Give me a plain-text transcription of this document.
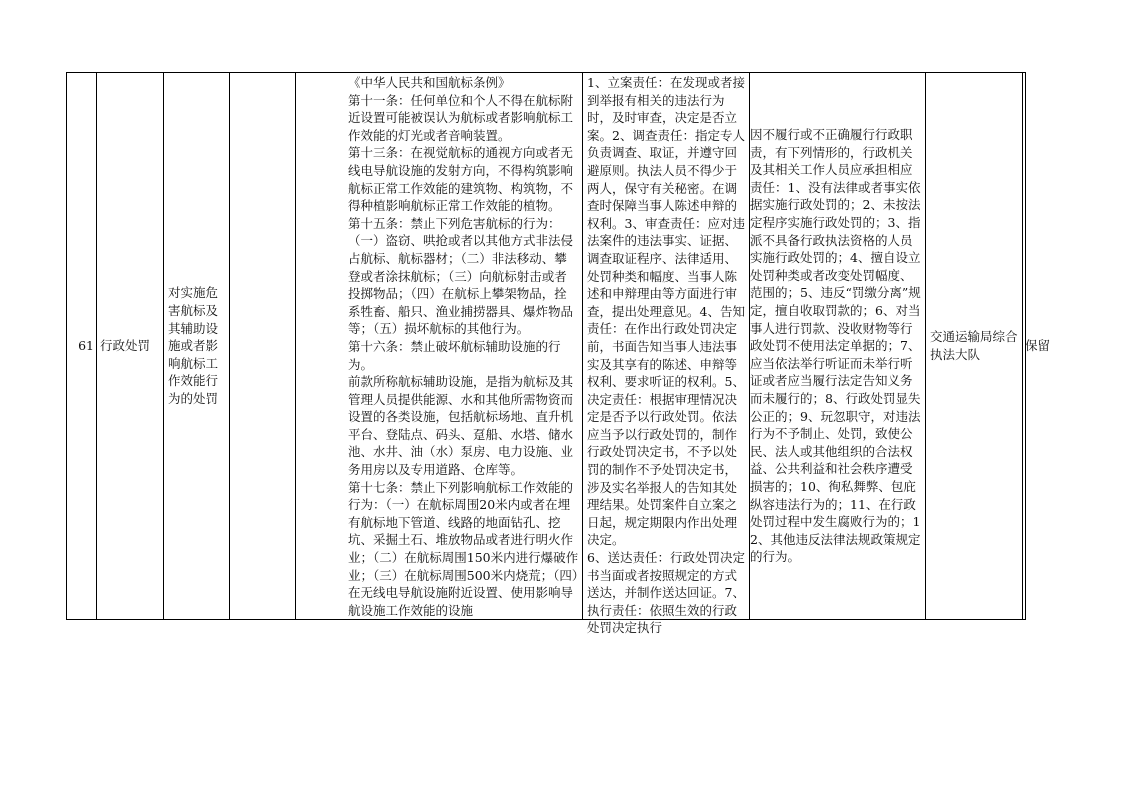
61 行政处罚
对实施危害航标及其辅助设施或者影响航标工作效能行为的处罚
《中华人民共和国航标条例》
第十一条：任何单位和个人不得在航标附近设置可能被误认为航标或者影响航标工作效能的灯光或者音响装置。
第十三条：在视觉航标的通视方向或者无线电导航设施的发射方向，不得构筑影响航标正常工作效能的建筑物、构筑物，不得种植影响航标正常工作效能的植物。
第十五条：禁止下列危害航标的行为：（一）盗窃、哄抢或者以其他方式非法侵占航标、航标器材；（二）非法移动、攀登或者涂抹航标；（三）向航标射击或者投掷物品；（四）在航标上攀架物品，拴系牲畜、船只、渔业捕捞器具、爆炸物品等；（五）损坏航标的其他行为。
第十六条：禁止破坏航标辅助设施的行为。
前款所称航标辅助设施，是指为航标及其管理人员提供能源、水和其他所需物资而设置的各类设施，包括航标场地、直升机平台、登陆点、码头、趸船、水塔、储水池、水井、油（水）泵房、电力设施、业务用房以及专用道路、仓库等。
第十七条：禁止下列影响航标工作效能的行为：（一）在航标周围20米内或者在埋有航标地下管道、线路的地面钻孔、挖坑、采掘土石、堆放物品或者进行明火作业；（二）在航标周围150米内进行爆破作业；（三）在航标周围500米内烧荒；（四）在无线电导航设施附近设置、使用影响导航设施工作效能的设施
1、立案责任：在发现或者接到举报有相关的违法行为时，及时审查，决定是否立案。2、调查责任：指定专人负责调查、取证，并遵守回避原则。执法人员不得少于两人，保守有关秘密。在调查时保障当事人陈述申辩的权利。3、审查责任：应对违法案件的违法事实、证据、调查取证程序、法律适用、处罚种类和幅度、当事人陈述和申辩理由等方面进行审查，提出处理意见。4、告知责任：在作出行政处罚决定前，书面告知当事人违法事实及其享有的陈述、申辩等权利、要求听证的权利。5、决定责任：根据审理情况决定是否予以行政处罚。依法应当予以行政处罚的，制作行政处罚决定书，不予以处罚的制作不予处罚决定书，涉及实名举报人的告知其处理结果。处罚案件自立案之日起，规定期限内作出处理决定。
6、送达责任：行政处罚决定书当面或者按照规定的方式送达，并制作送达回证。7、执行责任：依照生效的行政处罚决定执行
因不履行或不正确履行行政职责，有下列情形的，行政机关及其相关工作人员应承担相应责任：1、没有法律或者事实依据实施行政处罚的；2、未按法定程序实施行政处罚的；3、指派不具备行政执法资格的人员实施行政处罚的；4、擅自设立处罚种类或者改变处罚幅度、范围的；5、违反“罚缴分离”规定，擅自收取罚款的；6、对当事人进行罚款、没收财物等行政处罚不使用法定单据的；7、应当依法举行听证而未举行听证或者应当履行法定告知义务而未履行的；8、行政处罚显失公正的；9、玩忽职守，对违法行为不予制止、处罚，致使公民、法人或其他组织的合法权益、公共利益和社会秩序遭受损害的；10、徇私舞弊、包庇纵容违法行为的；11、在行政处罚过程中发生腐败行为的；12、其他违反法律法规政策规定的行为。
交通运输局综合执法大队
保留
